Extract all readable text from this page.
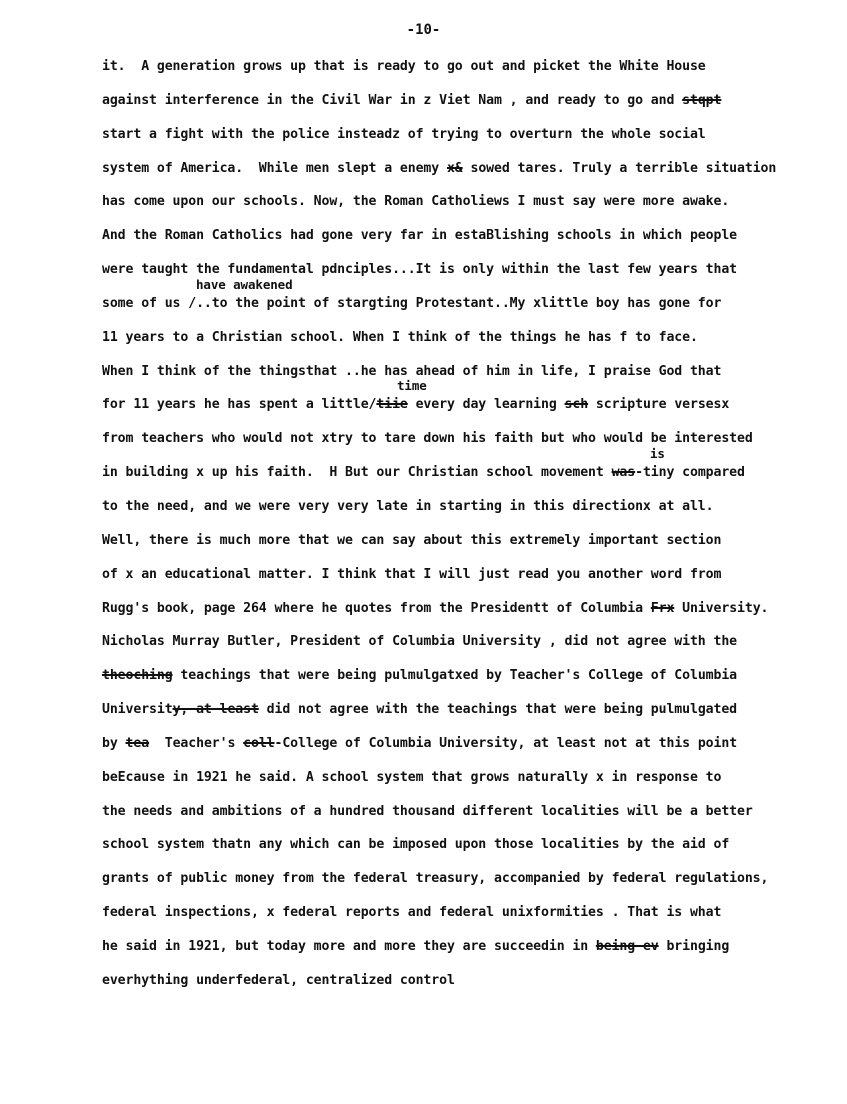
-10-
it.  A generation grows up that is ready to go out and picket the White House
against interference in the Civil War in z Viet Nam , and ready to go and stqpt
start a fight with the police insteadz of trying to overturn the whole social
system of America.  While men slept a enemy x& sowed tares. Truly a terrible situation
has come upon our schools. Now, the Roman Catholiews I must say were more awake.
And the Roman Catholics had gone very far in estaBlishing schools in which people
were taught the fundamental pdnciples...It is only within the last few years that
have awakened
some of us /..to the point of stargting Protestant..My xlittle boy has gone for
11 years to a Christian school. When I think of the things he has f to face.
When I think of the thingsthat ..he has ahead of him in life, I praise God that
time
for 11 years he has spent a little/tiie every day learning sch scripture versesx
from teachers who would not xtry to tare down his faith but who would be interested
is
in building x up his faith.  H But our Christian school movement was-tiny compared
to the need, and we were very very late in starting in this directionx at all.
Well, there is much more that we can say about this extremely important section
of x an educational matter. I think that I will just read you another word from
Rugg's book, page 264 where he quotes from the Presidentt of Columbia Frx University.
Nicholas Murray Butler, President of Columbia University , did not agree with the
theoching teachings that were being pulmulgatxed by Teacher's College of Columbia
University, at least did not agree with the teachings that were being pulmulgated
by tea  Teacher's coll-College of Columbia University, at least not at this point
beEcause in 1921 he said. A school system that grows naturally x in response to
the needs and ambitions of a hundred thousand different localities will be a better
school system thatn any which can be imposed upon those localities by the aid of
grants of public money from the federal treasury, accompanied by federal regulations,
federal inspections, x federal reports and federal unixformities . That is what
he said in 1921, but today more and more they are succeedin in being ev bringing
everhything underfederal, centralized control
